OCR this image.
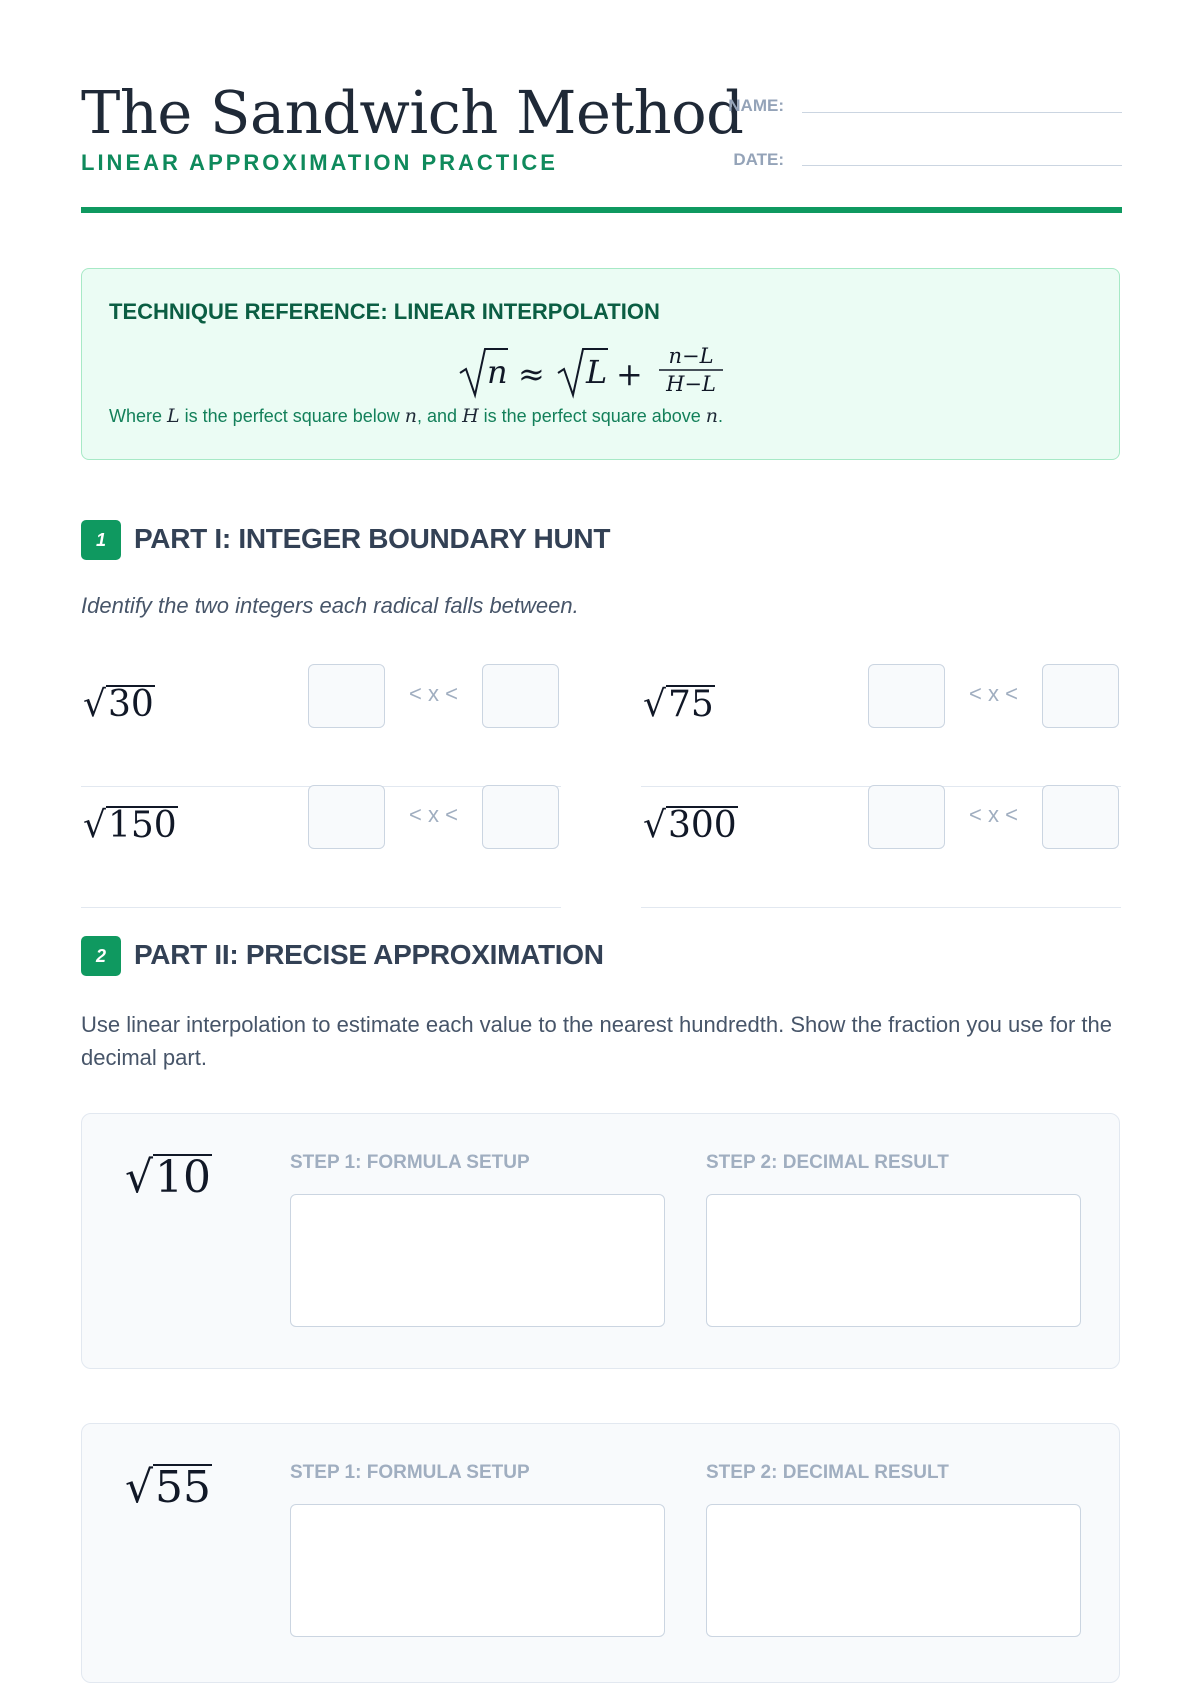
The Sandwich Method
LINEAR APPROXIMATION PRACTICE
NAME:
DATE:
TECHNIQUE REFERENCE: LINEAR INTERPOLATION
n ≈ L + n−L
H−L
Where L is the perfect square below n, and H is the perfect square above n.
1	PART I: INTEGER BOUNDARY HUNT
Identify the two integers each radical falls between.
√30	< x <	√75	< x <
√150	< x <	√300	< x <
2	PART II: PRECISE APPROXIMATION
Use linear interpolation to estimate each value to the nearest hundredth. Show the fraction you use for the decimal part.
√10	STEP 1: FORMULA SETUP	STEP 2: DECIMAL RESULT
√55	STEP 1: FORMULA SETUP	STEP 2: DECIMAL RESULT
